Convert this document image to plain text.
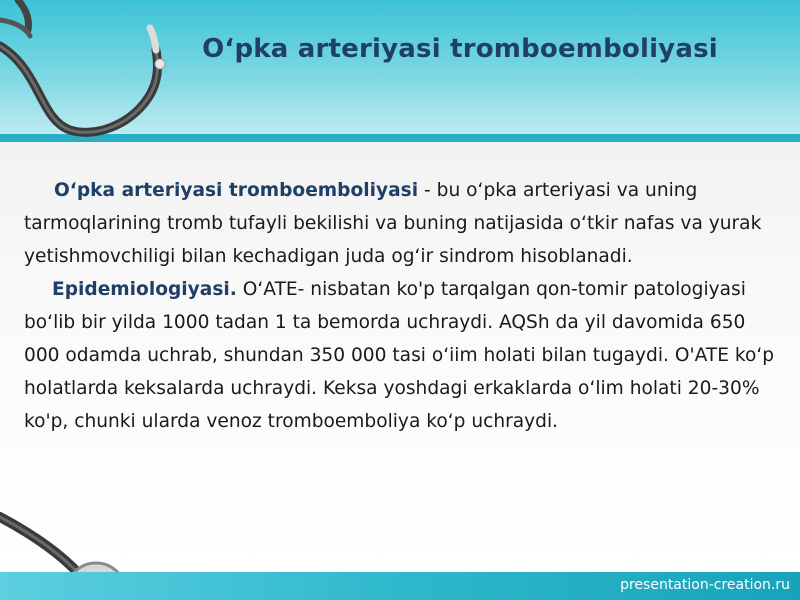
O‘pka arteriyasi tromboemboliyasi

O‘pka arteriyasi tromboemboliyasi - bu o‘pka arteriyasi va uning tarmoqlarining tromb tufayli bekilishi va buning natijasida o‘tkir nafas va yurak yetishmovchiligi bilan kechadigan juda og‘ir sindrom hisoblanadi.

Epidemiologiyasi. O‘ATE- nisbatan ko'p tarqalgan qon-tomir patologiyasi bo‘lib bir yilda 1000 tadan 1 ta bemorda uchraydi. AQSh da yil davomida 650 000 odamda uchrab, shundan 350 000 tasi o‘iim holati bilan tugaydi. O'ATE ko‘p holatlarda keksalarda uchraydi. Keksa yoshdagi erkaklarda o‘lim holati 20-30% ko'p, chunki ularda venoz tromboemboliya ko‘p uchraydi.

presentation-creation.ru
